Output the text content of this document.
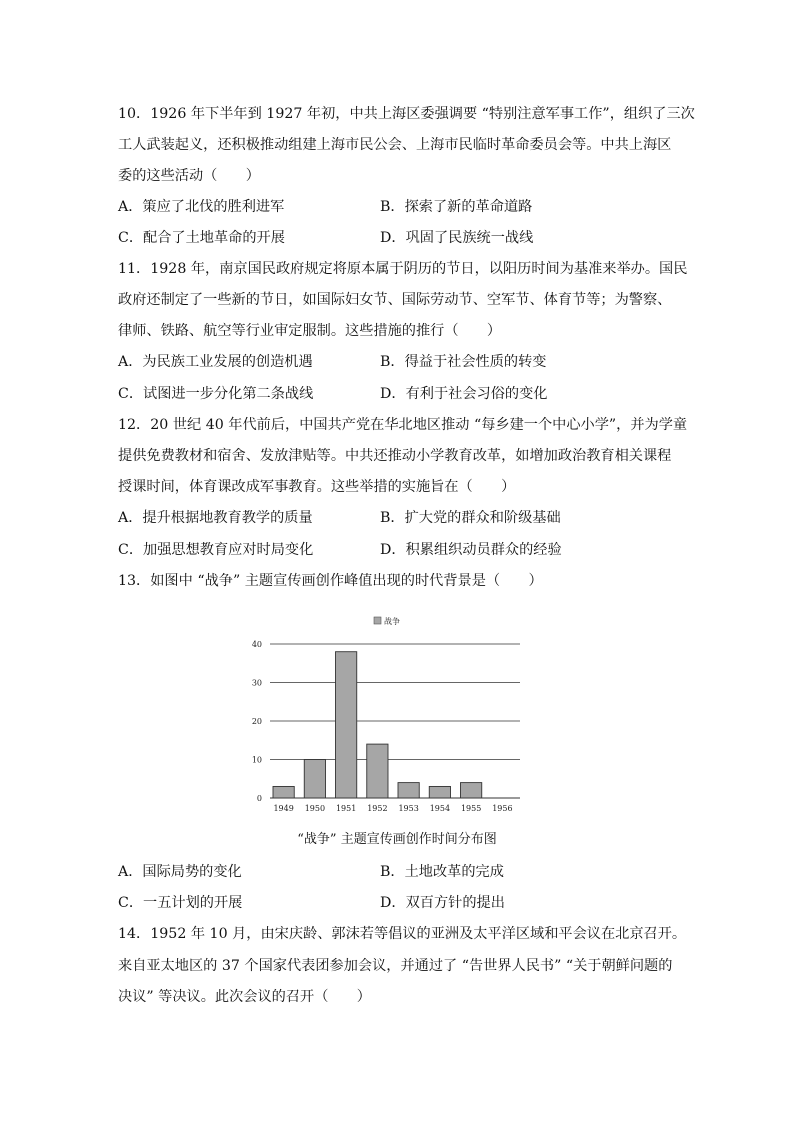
10．1926 年下半年到 1927 年初，中共上海区委强调要 “特别注意军事工作”，组织了三次
工人武装起义，还积极推动组建上海市民公会、上海市民临时革命委员会等。中共上海区
委的这些活动（　　）
A．策应了北伐的胜利进军	B．探索了新的革命道路
C．配合了土地革命的开展	D．巩固了民族统一战线
11．1928 年，南京国民政府规定将原本属于阴历的节日，以阳历时间为基准来举办。国民
政府还制定了一些新的节日，如国际妇女节、国际劳动节、空军节、体育节等；为警察、
律师、铁路、航空等行业审定服制。这些措施的推行（　　）
A．为民族工业发展的创造机遇	B．得益于社会性质的转变
C．试图进一步分化第二条战线	D．有利于社会习俗的变化
12．20 世纪 40 年代前后，中国共产党在华北地区推动 “每乡建一个中心小学”，并为学童
提供免费教材和宿舍、发放津贴等。中共还推动小学教育改革，如增加政治教育相关课程
授课时间，体育课改成军事教育。这些举措的实施旨在（　　）
A．提升根据地教育教学的质量	B．扩大党的群众和阶级基础
C．加强思想教育应对时局变化	D．积累组织动员群众的经验
13．如图中 “战争” 主题宣传画创作峰值出现的时代背景是（　　）
战争
0
10
20
30
40
1949 1950 1951 1952 1953 1954 1955 1956
“战争” 主题宣传画创作时间分布图
A．国际局势的变化	B．土地改革的完成
C．一五计划的开展	D．双百方针的提出
14．1952 年 10 月，由宋庆龄、郭沫若等倡议的亚洲及太平洋区域和平会议在北京召开。
来自亚太地区的 37 个国家代表团参加会议，并通过了 “告世界人民书” “关于朝鲜问题的
决议” 等决议。此次会议的召开（　　）
